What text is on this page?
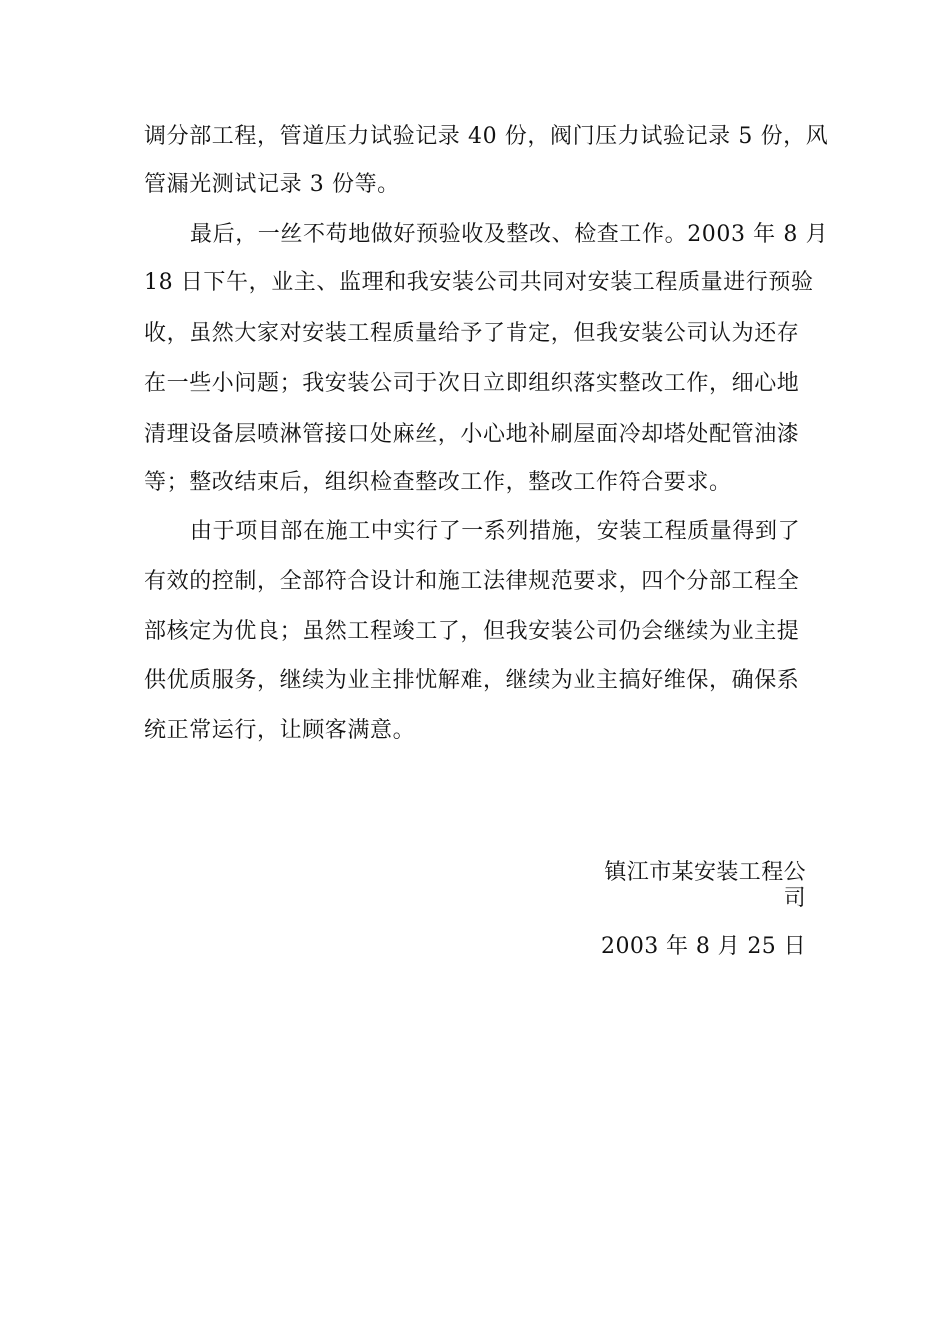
调分部工程，管道压力试验记录 40 份，阀门压力试验记录 5 份，风
管漏光测试记录 3 份等。
最后，一丝不苟地做好预验收及整改、检查工作。2003 年 8 月
18 日下午，业主、监理和我安装公司共同对安装工程质量进行预验
收，虽然大家对安装工程质量给予了肯定，但我安装公司认为还存
在一些小问题；我安装公司于次日立即组织落实整改工作，细心地
清理设备层喷淋管接口处麻丝，小心地补刷屋面冷却塔处配管油漆
等；整改结束后，组织检查整改工作，整改工作符合要求。
由于项目部在施工中实行了一系列措施，安装工程质量得到了
有效的控制，全部符合设计和施工法律规范要求，四个分部工程全
部核定为优良；虽然工程竣工了，但我安装公司仍会继续为业主提
供优质服务，继续为业主排忧解难，继续为业主搞好维保，确保系
统正常运行，让顾客满意。
镇江市某安装工程公
司
2003 年 8 月 25 日
